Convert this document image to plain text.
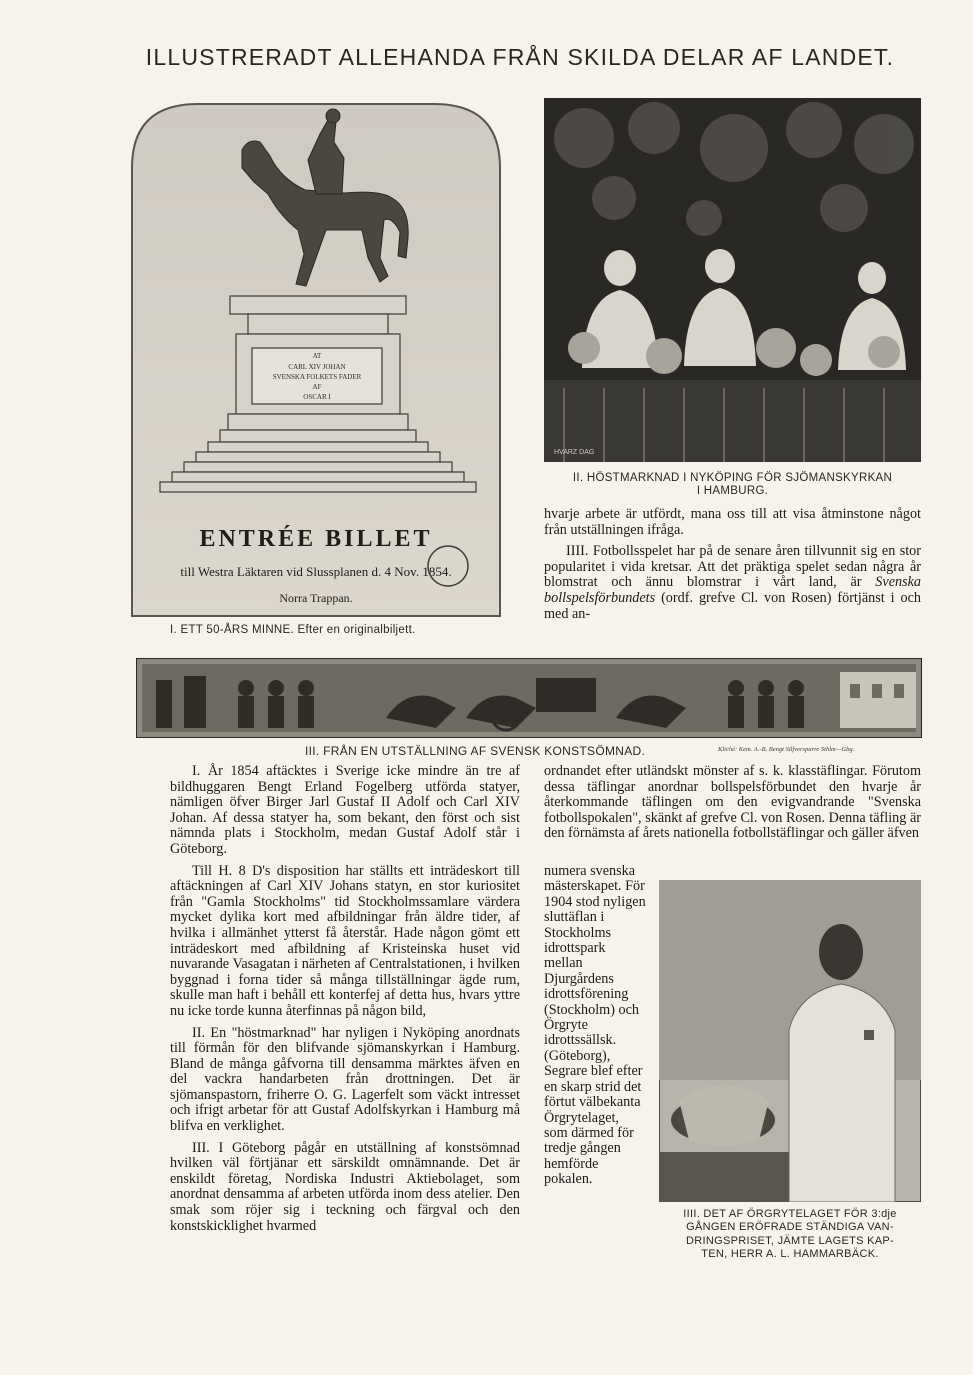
ILLUSTRERADT ALLEHANDA FRÅN SKILDA DELAR AF LANDET.
AT
CARL XIV JOHAN
SVENSKA FOLKETS FADER
AF
OSCAR I
ENTRÉE BILLET
till Westra Läktaren vid Slussplanen d. 4 Nov. 1854.
Norra Trappan.
I. ETT 50-ÅRS MINNE. Efter en originalbiljett.
HVARZ DAG
II. HÖSTMARKNAD I NYKÖPING FÖR SJÖMANSKYRKAN
I HAMBURG.

hvarje arbete är utfördt, mana oss till att visa åtminstone något från utställningen ifråga.

IIII. Fotbollsspelet har på de senare åren tillvunnit sig en stor popularitet i vida kretsar. Att det präktiga spelet sedan några år blomstrat och ännu blomstrar i vårt land, är Svenska bollspelsförbundets (ordf. grefve Cl. von Rosen) förtjänst i och med an-

III. FRÅN EN UTSTÄLLNING AF SVENSK KONSTSÖMNAD.	Kliché: Kem. A.-B. Bengt Silfversparre Sthlm—Gbg.

I. År 1854 aftäcktes i Sverige icke mindre än tre af bildhuggaren Bengt Erland Fogelberg utförda statyer, nämligen öfver Birger Jarl Gustaf II Adolf och Carl XIV Johan. Af dessa statyer ha, som bekant, den först och sist nämnda plats i Stockholm, medan Gustaf Adolf står i Göteborg.

Till H. 8 D's disposition har ställts ett inträdeskort till aftäckningen af Carl XIV Johans statyn, en stor kuriositet från "Gamla Stockholms" tid Stockholmssamlare värdera mycket dylika kort med afbildningar från äldre tider, af hvilka i allmänhet ytterst få återstår. Hade någon gömt ett inträdeskort med afbildning af Kristeinska huset vid nuvarande Vasagatan i närheten af Centralstationen, i hvilken byggnad i forna tider så många tillställningar ägde rum, skulle man haft i behåll ett konterfej af detta hus, hvars yttre nu icke torde kunna återfinnas på någon bild,

II. En "höstmarknad" har nyligen i Nyköping anordnats till förmån för den blifvande sjömanskyrkan i Hamburg. Bland de många gåfvorna till densamma märktes äfven en del vackra handarbeten från drottningen. Det är sjömanspastorn, friherre O. G. Lagerfelt som väckt intresset och ifrigt arbetar för att Gustaf Adolfskyrkan i Hamburg må blifva en verklighet.

III. I Göteborg pågår en utställning af konstsömnad hvilken väl förtjänar ett särskildt omnämnande. Det är enskildt företag, Nordiska Industri Aktiebolaget, som anordnat densamma af arbeten utförda inom dess atelier. Den smak som röjer sig i teckning och färgval och den konstskicklighet hvarmed

ordnandet efter utländskt mönster af s. k. klasstäflingar. Förutom dessa täflingar anordnar bollspelsförbundet den hvarje år återkommande täflingen om den evigvandrande "Svenska fotbollspokalen", skänkt af grefve Cl. von Rosen. Denna täfling är den förnämsta af årets nationella fotbollstäflingar och gäller äfven

numera svenska mästerskapet. För 1904 stod nyligen sluttäflan i Stockholms idrottspark mellan Djurgårdens idrottsförening (Stockholm) och Örgryte idrottssällsk. (Göteborg), Segrare blef efter en skarp strid det förtut välbekanta Örgrytelaget, som därmed för tredje gången hemförde pokalen.

IIII. DET AF ÖRGRYTELAGET FÖR 3:dje
GÅNGEN ERÖFRADE STÄNDIGA VAN-
DRINGSPRISET, JÄMTE LAGETS KAP-
TEN, HERR A. L. HAMMARBÄCK.
